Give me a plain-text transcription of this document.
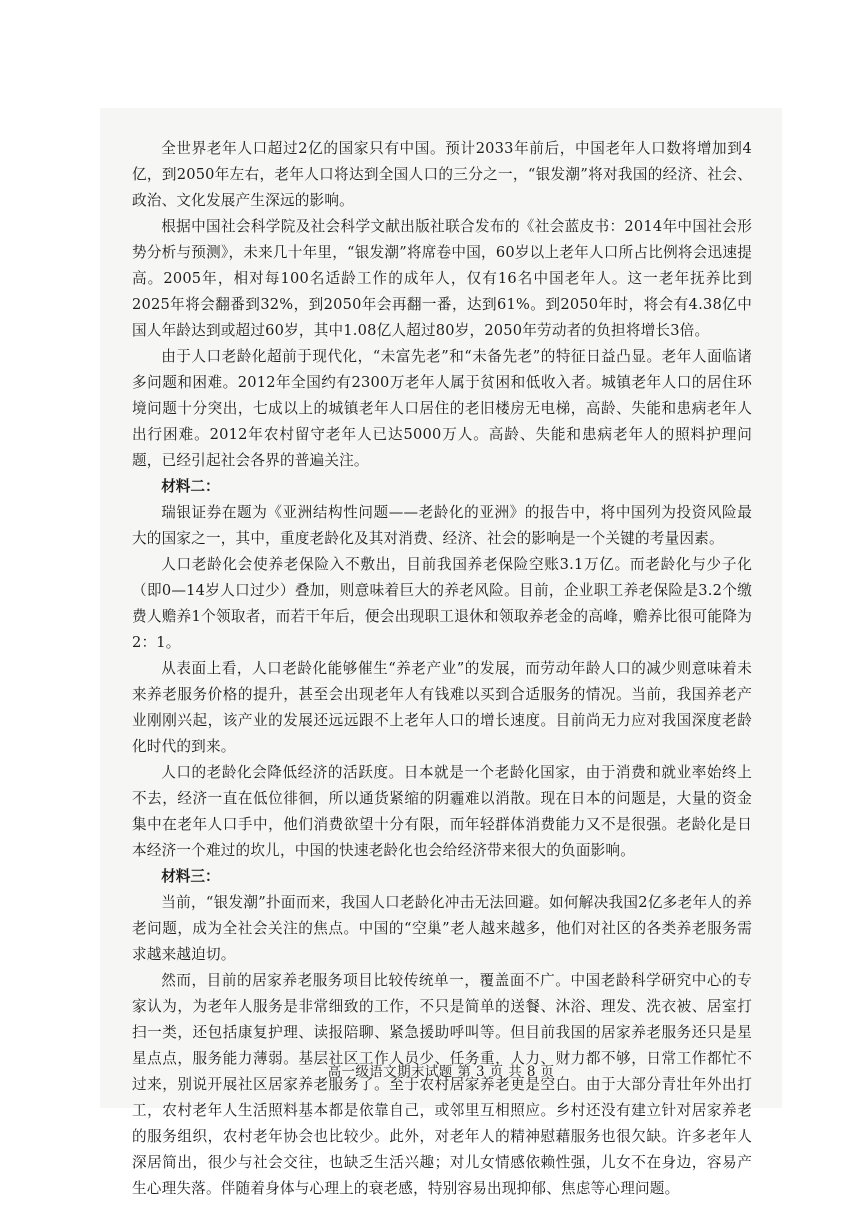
全世界老年人口超过2亿的国家只有中国。预计2033年前后，中国老年人口数将增加到4亿，到2050年左右，老年人口将达到全国人口的三分之一，“银发潮”将对我国的经济、社会、政治、文化发展产生深远的影响。

根据中国社会科学院及社会科学文献出版社联合发布的《社会蓝皮书：2014年中国社会形势分析与预测》，未来几十年里，“银发潮”将席卷中国，60岁以上老年人口所占比例将会迅速提高。2005年，相对每100名适龄工作的成年人，仅有16名中国老年人。这一老年抚养比到2025年将会翻番到32%，到2050年会再翻一番，达到61%。到2050年时，将会有4.38亿中国人年龄达到或超过60岁，其中1.08亿人超过80岁，2050年劳动者的负担将增长3倍。

由于人口老龄化超前于现代化，“未富先老”和“未备先老”的特征日益凸显。老年人面临诸多问题和困难。2012年全国约有2300万老年人属于贫困和低收入者。城镇老年人口的居住环境问题十分突出，七成以上的城镇老年人口居住的老旧楼房无电梯，高龄、失能和患病老年人出行困难。2012年农村留守老年人已达5000万人。高龄、失能和患病老年人的照料护理问题，已经引起社会各界的普遍关注。

材料二：

瑞银证券在题为《亚洲结构性问题——老龄化的亚洲》的报告中，将中国列为投资风险最大的国家之一，其中，重度老龄化及其对消费、经济、社会的影响是一个关键的考量因素。

人口老龄化会使养老保险入不敷出，目前我国养老保险空账3.1万亿。而老龄化与少子化（即0—14岁人口过少）叠加，则意味着巨大的养老风险。目前，企业职工养老保险是3.2个缴费人赡养1个领取者，而若干年后，便会出现职工退休和领取养老金的高峰，赡养比很可能降为2：1。

从表面上看，人口老龄化能够催生“养老产业”的发展，而劳动年龄人口的减少则意味着未来养老服务价格的提升，甚至会出现老年人有钱难以买到合适服务的情况。当前，我国养老产业刚刚兴起，该产业的发展还远远跟不上老年人口的增长速度。目前尚无力应对我国深度老龄化时代的到来。

人口的老龄化会降低经济的活跃度。日本就是一个老龄化国家，由于消费和就业率始终上不去，经济一直在低位徘徊，所以通货紧缩的阴霾难以消散。现在日本的问题是，大量的资金集中在老年人口手中，他们消费欲望十分有限，而年轻群体消费能力又不是很强。老龄化是日本经济一个难过的坎儿，中国的快速老龄化也会给经济带来很大的负面影响。

材料三：

当前，“银发潮”扑面而来，我国人口老龄化冲击无法回避。如何解决我国2亿多老年人的养老问题，成为全社会关注的焦点。中国的“空巢”老人越来越多，他们对社区的各类养老服务需求越来越迫切。

然而，目前的居家养老服务项目比较传统单一，覆盖面不广。中国老龄科学研究中心的专家认为，为老年人服务是非常细致的工作，不只是简单的送餐、沐浴、理发、洗衣被、居室打扫一类，还包括康复护理、读报陪聊、紧急援助呼叫等。但目前我国的居家养老服务还只是星星点点，服务能力薄弱。基层社区工作人员少、任务重，人力、财力都不够，日常工作都忙不过来，别说开展社区居家养老服务了。至于农村居家养老更是空白。由于大部分青壮年外出打工，农村老年人生活照料基本都是依靠自己，或邻里互相照应。乡村还没有建立针对居家养老的服务组织，农村老年协会也比较少。此外，对老年人的精神慰藉服务也很欠缺。许多老年人深居简出，很少与社会交往，也缺乏生活兴趣；对儿女情感依赖性强，儿女不在身边，容易产生心理失落。伴随着身体与心理上的衰老感，特别容易出现抑郁、焦虑等心理问题。

高一级语文期末试题 第 3 页 共 8 页
